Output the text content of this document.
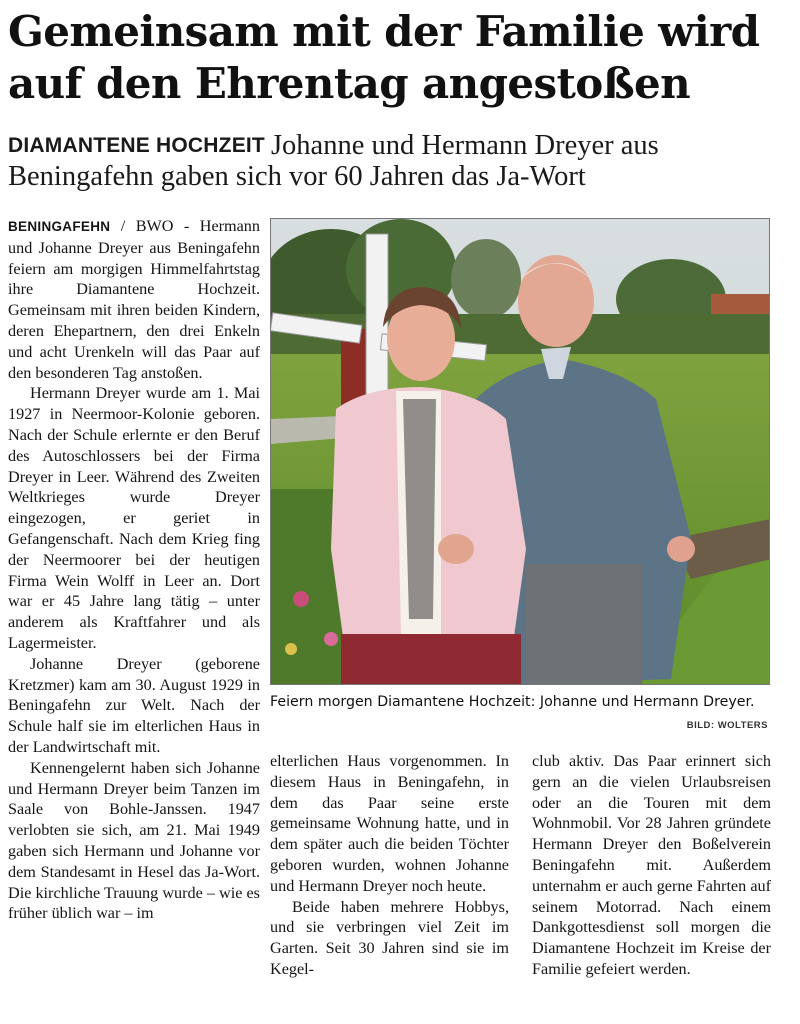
Gemeinsam mit der Familie wird
auf den Ehrentag angestoßen
DIAMANTENE HOCHZEIT Johanne und Hermann Dreyer aus
Beningafehn gaben sich vor 60 Jahren das Ja-Wort

BENINGAFEHN / BWO - Hermann und Johanne Dreyer aus Beningafehn feiern am morgigen Himmelfahrtstag ihre Diamantene Hochzeit. Gemeinsam mit ihren beiden Kindern, deren Ehepartnern, den drei Enkeln und acht Urenkeln will das Paar auf den besonderen Tag anstoßen.

Hermann Dreyer wurde am 1. Mai 1927 in Neermoor-Kolonie geboren. Nach der Schule erlernte er den Beruf des Autoschlossers bei der Firma Dreyer in Leer. Während des Zweiten Weltkrieges wurde Dreyer eingezogen, er geriet in Gefangenschaft. Nach dem Krieg fing der Neermoorer bei der heutigen Firma Wein Wolff in Leer an. Dort war er 45 Jahre lang tätig – unter anderem als Kraftfahrer und als Lagermeister.

Johanne Dreyer (geborene Kretzmer) kam am 30. August 1929 in Beningafehn zur Welt. Nach der Schule half sie im elterlichen Haus in der Landwirtschaft mit.

Kennengelernt haben sich Johanne und Hermann Dreyer beim Tanzen im Saale von Bohle-Janssen. 1947 verlobten sie sich, am 21. Mai 1949 gaben sich Hermann und Johanne vor dem Standesamt in Hesel das Ja-Wort. Die kirchliche Trauung wurde – wie es früher üblich war – im

Feiern morgen Diamantene Hochzeit: Johanne und Hermann Dreyer.
BILD: WOLTERS

elterlichen Haus vorgenommen. In diesem Haus in Beningafehn, in dem das Paar seine erste gemeinsame Wohnung hatte, und in dem später auch die beiden Töchter geboren wurden, wohnen Johanne und Hermann Dreyer noch heute.

Beide haben mehrere Hobbys, und sie verbringen viel Zeit im Garten. Seit 30 Jahren sind sie im Kegel-

club aktiv. Das Paar erinnert sich gern an die vielen Urlaubsreisen oder an die Touren mit dem Wohnmobil. Vor 28 Jahren gründete Hermann Dreyer den Boßelverein Beningafehn mit. Außerdem unternahm er auch gerne Fahrten auf seinem Motorrad. Nach einem Dankgottesdienst soll morgen die Diamantene Hochzeit im Kreise der Familie gefeiert werden.
